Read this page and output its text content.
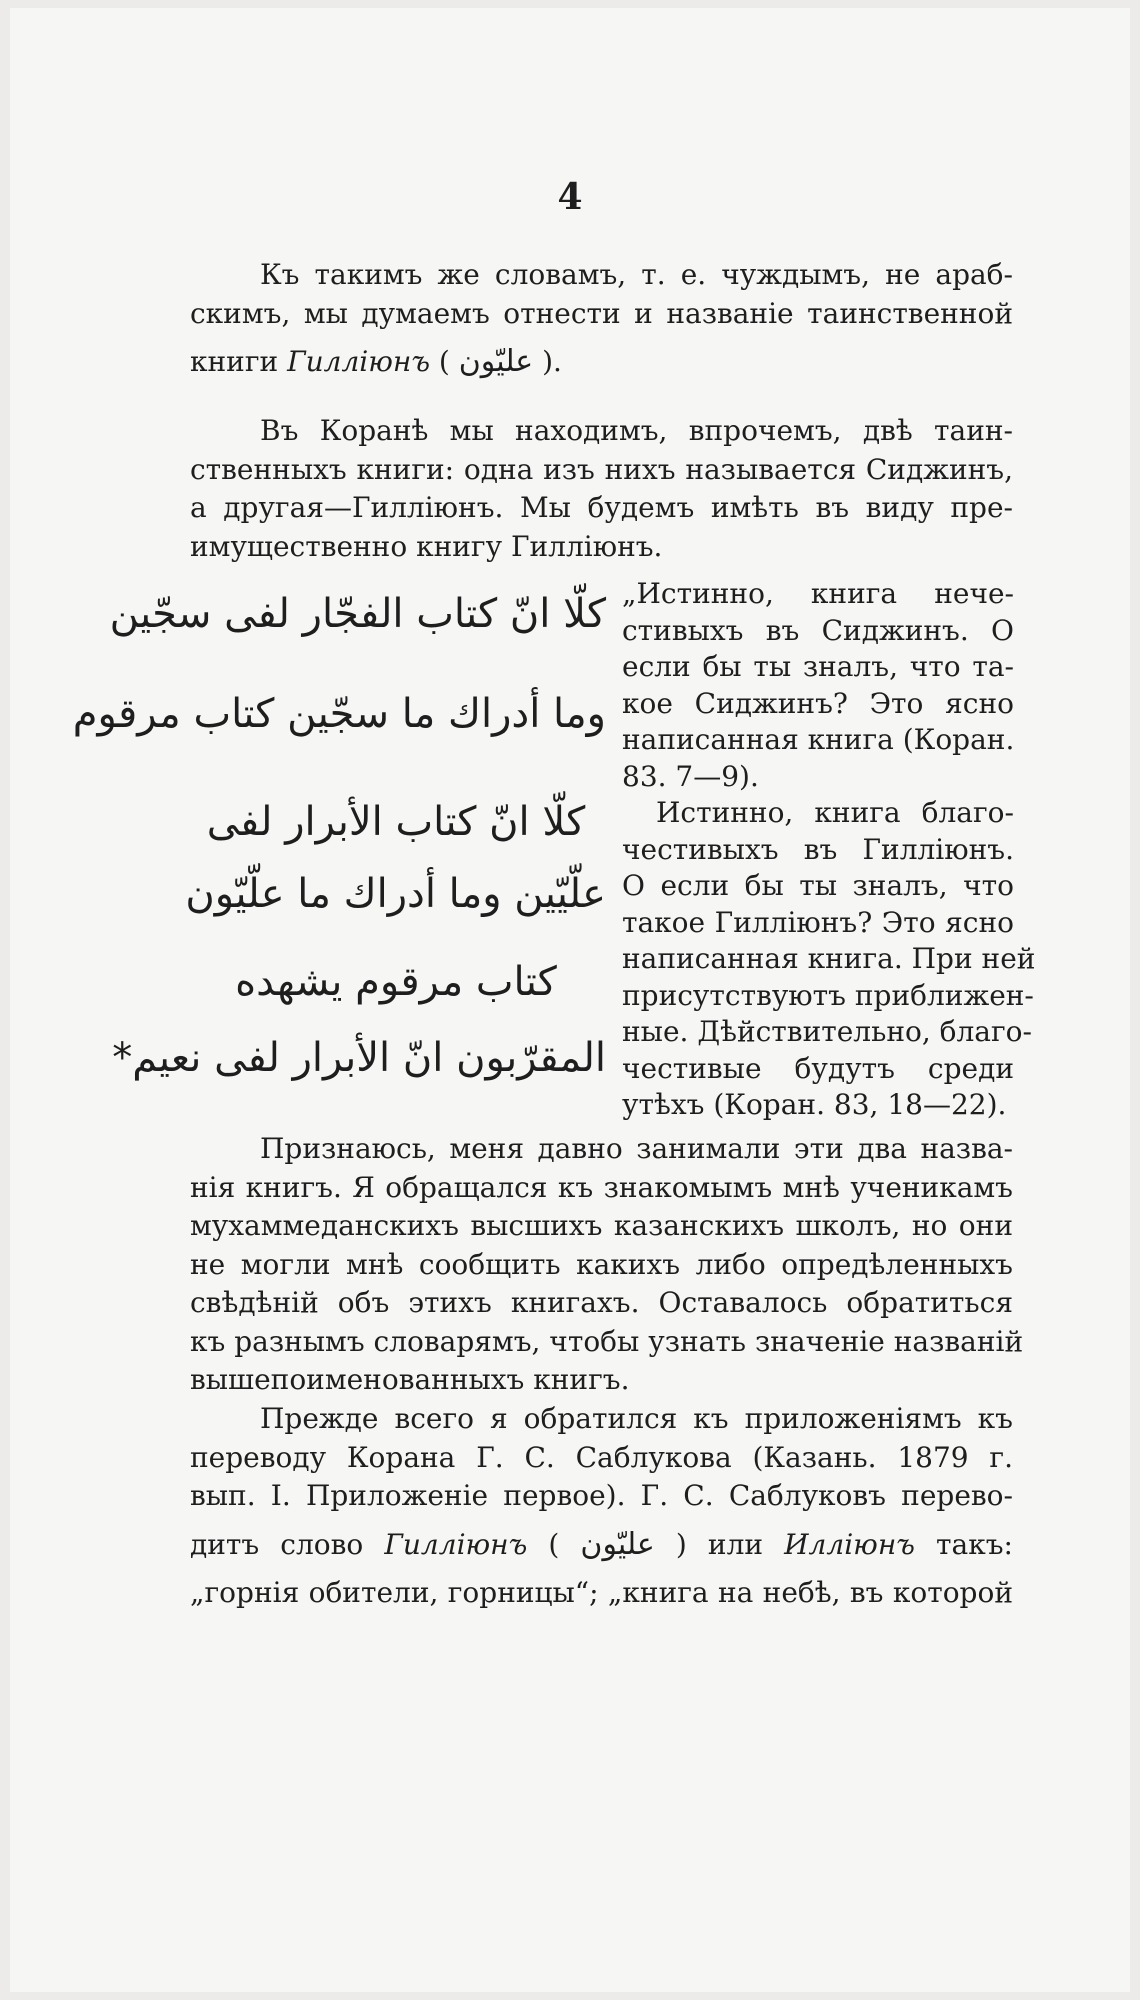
4
Къ такимъ же словамъ, т. е. чуждымъ, не араб-
скимъ, мы думаемъ отнести и названіе таинственной
книги Гилліюнъ ( عليّون ).
Въ Коранѣ мы находимъ, впрочемъ, двѣ таин-
ственныхъ книги: одна изъ нихъ называется Сиджинъ,
а другая—Гилліюнъ. Мы будемъ имѣть въ виду пре-
имущественно книгу Гилліюнъ.
كلّا انّ كتاب الفجّار لفى سجّين
وما أدراك ما سجّين كتاب مرقوم
كلّا انّ كتاب الأبرار لفى
علّيّين وما أدراك ما علّيّون
كتاب مرقوم يشهده
المقرّبون انّ الأبرار لفى نعيم*
„Истинно, книга нече-
стивыхъ въ Сиджинъ. О
если бы ты зналъ, что та-
кое Сиджинъ? Это ясно
написанная книга (Коран.
83. 7—9).
Истинно, книга благо-
честивыхъ въ Гилліюнъ.
О если бы ты зналъ, что
такое Гилліюнъ? Это ясно
написанная книга. При ней
присутствуютъ приближен-
ные. Дѣйствительно, благо-
честивые будутъ среди
утѣхъ (Коран. 83, 18—22).
Признаюсь, меня давно занимали эти два назва-
нія книгъ. Я обращался къ знакомымъ мнѣ ученикамъ
мухаммеданскихъ высшихъ казанскихъ школъ, но они
не могли мнѣ сообщить какихъ либо опредѣленныхъ
свѣдѣній объ этихъ книгахъ. Оставалось обратиться
къ разнымъ словарямъ, чтобы узнать значеніе названій
вышепоименованныхъ книгъ.
Прежде всего я обратился къ приложеніямъ къ
переводу Корана Г. С. Саблукова (Казань. 1879 г.
вып. I. Приложеніе первое). Г. С. Саблуковъ перево-
дитъ слово Гилліюнъ ( عليّون ) или Иллiюнъ такъ:
„горнія обители, горницы“; „книга на небѣ, въ которой
